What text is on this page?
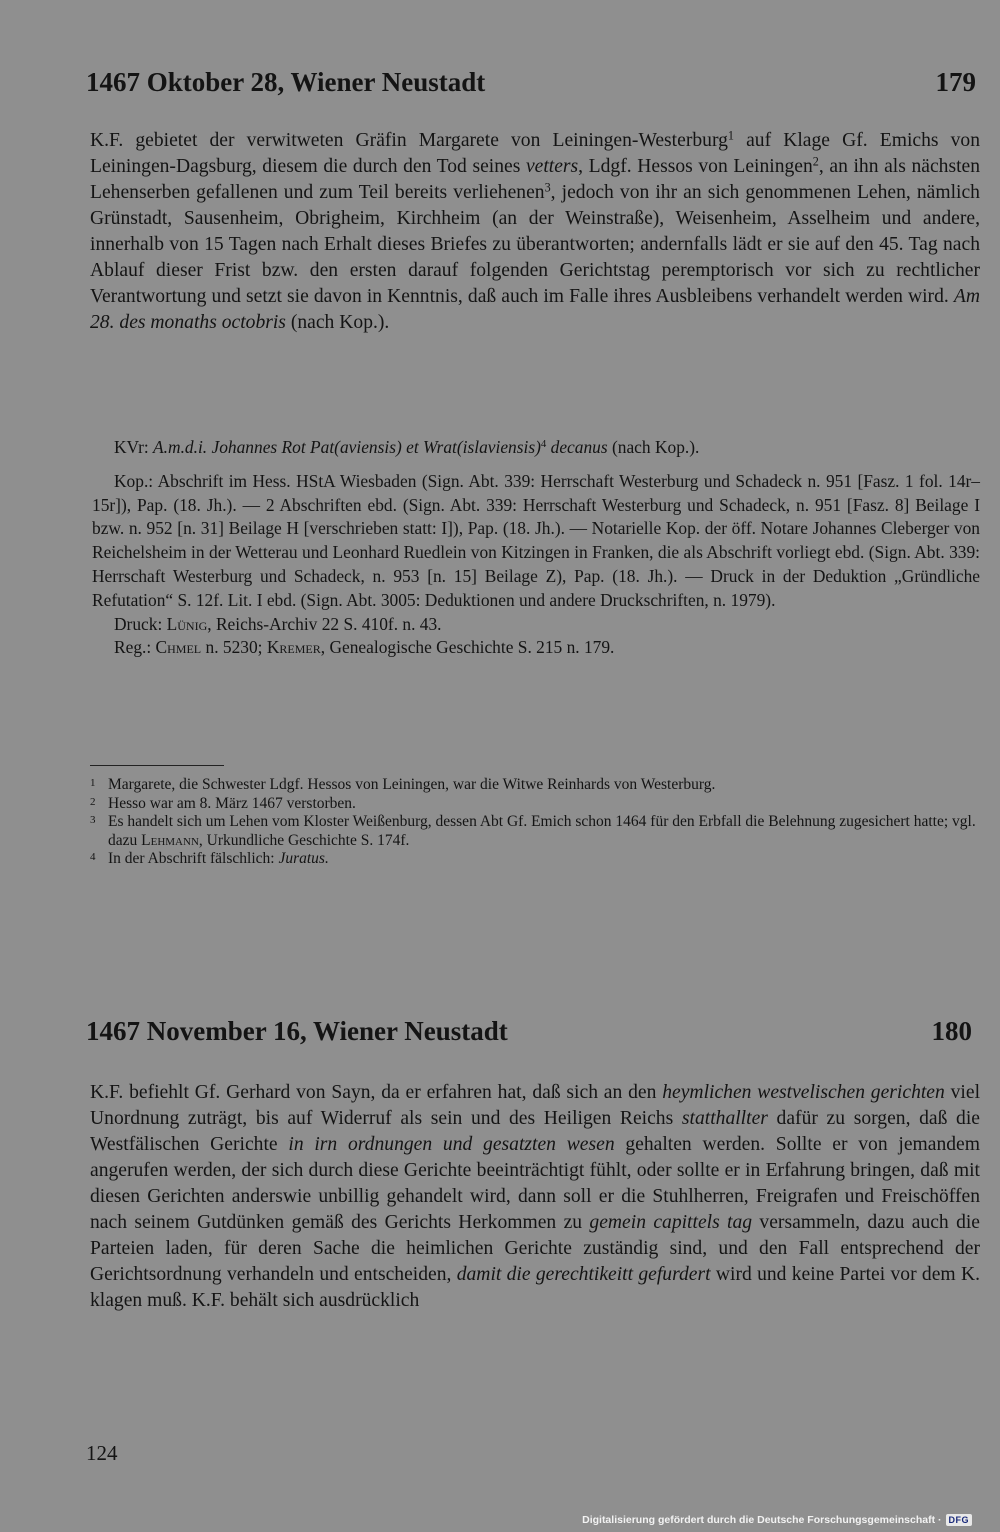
1467 Oktober 28, Wiener Neustadt	179

K.F. gebietet der verwitweten Gräfin Margarete von Leiningen-Westerburg$^1$ auf Klage Gf. Emichs von Leiningen-Dagsburg, diesem die durch den Tod seines vetters, Ldgf. Hessos von Leiningen$^2$, an ihn als nächsten Lehenserben gefallenen und zum Teil bereits verliehenen$^3$, jedoch von ihr an sich genommenen Lehen, nämlich Grünstadt, Sausenheim, Obrigheim, Kirchheim (an der Weinstraße), Weisenheim, Asselheim und andere, innerhalb von 15 Tagen nach Erhalt dieses Briefes zu überantworten; andernfalls lädt er sie auf den 45. Tag nach Ablauf dieser Frist bzw. den ersten darauf folgenden Gerichtstag peremptorisch vor sich zu rechtlicher Verantwortung und setzt sie davon in Kenntnis, daß auch im Falle ihres Ausbleibens verhandelt werden wird. Am 28. des monaths octobris (nach Kop.).

KVr: A.m.d.i. Johannes Rot Pat(aviensis) et Wrat(islaviensis)$^4$ decanus (nach Kop.).

Kop.: Abschrift im Hess. HStA Wiesbaden (Sign. Abt. 339: Herrschaft Westerburg und Schadeck n. 951 [Fasz. 1 fol. 14r–15r]), Pap. (18. Jh.). — 2 Abschriften ebd. (Sign. Abt. 339: Herrschaft Westerburg und Schadeck, n. 951 [Fasz. 8] Beilage I bzw. n. 952 [n. 31] Beilage H [verschrieben statt: I]), Pap. (18. Jh.). — Notarielle Kop. der öff. Notare Johannes Cleberger von Reichelsheim in der Wetterau und Leonhard Ruedlein von Kitzingen in Franken, die als Abschrift vorliegt ebd. (Sign. Abt. 339: Herrschaft Westerburg und Schadeck, n. 953 [n. 15] Beilage Z), Pap. (18. Jh.). — Druck in der Deduktion „Gründliche Refutation“ S. 12f. Lit. I ebd. (Sign. Abt. 3005: Deduktionen und andere Druckschriften, n. 1979).

Druck: Lünig, Reichs-Archiv 22 S. 410f. n. 43.

Reg.: Chmel n. 5230; Kremer, Genealogische Geschichte S. 215 n. 179.

1 Margarete, die Schwester Ldgf. Hessos von Leiningen, war die Witwe Reinhards von Westerburg.
2 Hesso war am 8. März 1467 verstorben.
3 Es handelt sich um Lehen vom Kloster Weißenburg, dessen Abt Gf. Emich schon 1464 für den Erbfall die Belehnung zugesichert hatte; vgl. dazu Lehmann, Urkundliche Geschichte S. 174f.
4 In der Abschrift fälschlich: Juratus.
1467 November 16, Wiener Neustadt	180

K.F. befiehlt Gf. Gerhard von Sayn, da er erfahren hat, daß sich an den heymlichen westvelischen gerichten viel Unordnung zuträgt, bis auf Widerruf als sein und des Heiligen Reichs statthallter dafür zu sorgen, daß die Westfälischen Gerichte in irn ordnungen und gesatzten wesen gehalten werden. Sollte er von jemandem angerufen werden, der sich durch diese Gerichte beeinträchtigt fühlt, oder sollte er in Erfahrung bringen, daß mit diesen Gerichten anderswie unbillig gehandelt wird, dann soll er die Stuhlherren, Freigrafen und Freischöffen nach seinem Gutdünken gemäß des Gerichts Herkommen zu gemein capittels tag versammeln, dazu auch die Parteien laden, für deren Sache die heimlichen Gerichte zuständig sind, und den Fall entsprechend der Gerichtsordnung verhandeln und entscheiden, damit die gerechtikeitt gefurdert wird und keine Partei vor dem K. klagen muß. K.F. behält sich ausdrücklich

124
Digitalisierung gefördert durch die Deutsche Forschungsgemeinschaft · DFG
